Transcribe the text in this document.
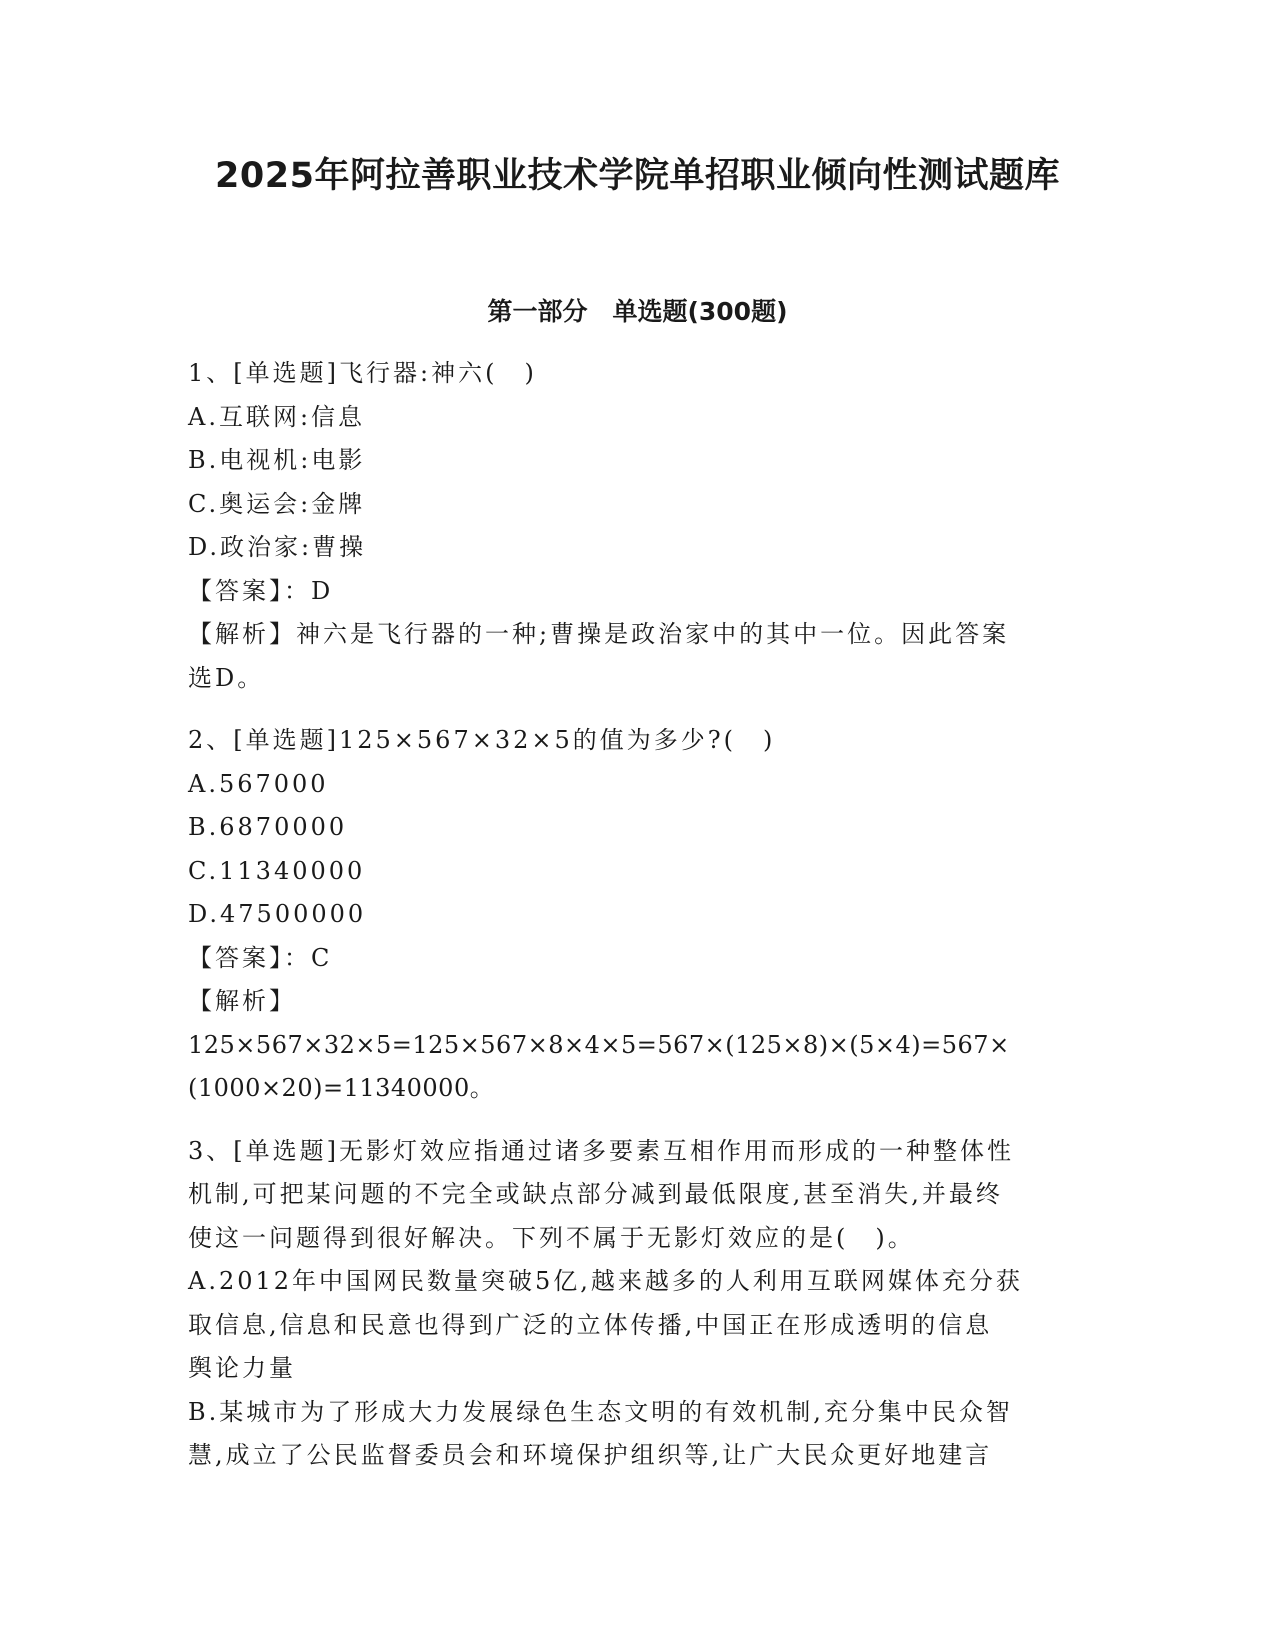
2025年阿拉善职业技术学院单招职业倾向性测试题库
第一部分　单选题(300题)
1、[单选题]飞行器:神六(　)
A.互联网:信息
B.电视机:电影
C.奥运会:金牌
D.政治家:曹操
【答案】：D
【解析】神六是飞行器的一种;曹操是政治家中的其中一位。因此答案
选D。
2、[单选题]125×567×32×5的值为多少?(　)
A.567000
B.6870000
C.11340000
D.47500000
【答案】：C
【解析】
125×567×32×5=125×567×8×4×5=567×(125×8)×(5×4)=567×
(1000×20)=11340000。
3、[单选题]无影灯效应指通过诸多要素互相作用而形成的一种整体性
机制,可把某问题的不完全或缺点部分减到最低限度,甚至消失,并最终
使这一问题得到很好解决。下列不属于无影灯效应的是(　)。
A.2012年中国网民数量突破5亿,越来越多的人利用互联网媒体充分获
取信息,信息和民意也得到广泛的立体传播,中国正在形成透明的信息
舆论力量
B.某城市为了形成大力发展绿色生态文明的有效机制,充分集中民众智
慧,成立了公民监督委员会和环境保护组织等,让广大民众更好地建言
